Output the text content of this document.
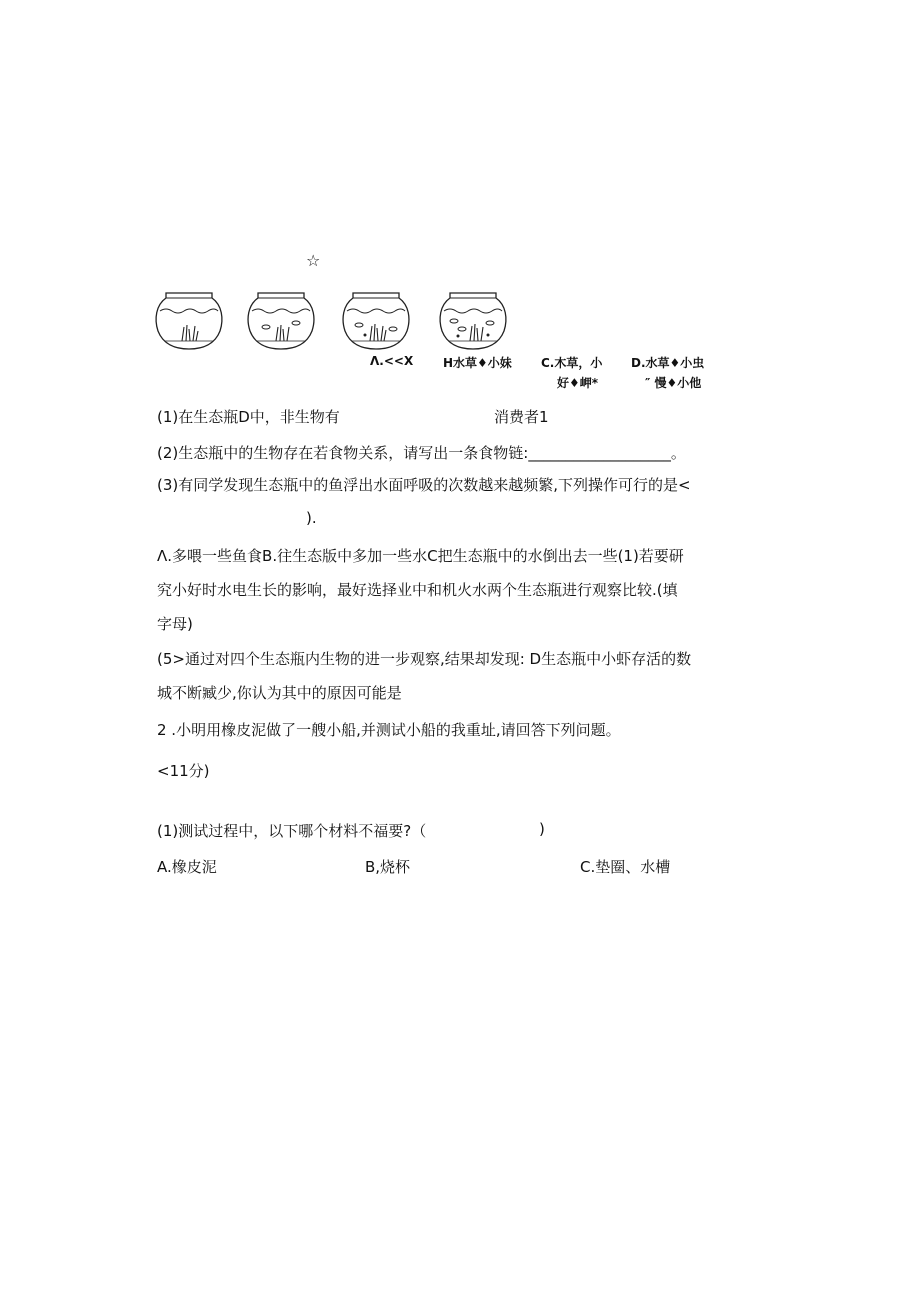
☆
Λ.<<X H水草♦小妹 C.木草，小
好♦岬*
D.水草♦小虫
″ 慢♦小他
(1)在生态瓶D中，非生物有	消费者1
(2)生态瓶中的生物存在若食物关系，请写出一条食物链:___________________。
(3)有同学发现生态瓶中的鱼浮出水面呼吸的次数越来越频繁,下列操作可行的是<
).
Λ.多喂一些鱼食B.往生态版中多加一些水C把生态瓶中的水倒出去一些(1)若要研
究小好时水电生长的影响，最好选择业中和机火水两个生态瓶进行观察比较.(填
字母)
(5>通过对四个生态瓶内生物的进一步观察,结果却发现: D生态瓶中小虾存活的数
城不断臧少,你认为其中的原因可能是
2 .小明用橡皮泥做了一艘小船,并测试小船的我重址,请回答下列问题。
<11分)
(1)测试过程中，以下哪个材料不福要?（	)
A.橡皮泥	B,烧杯	C.垫圈、水槽
